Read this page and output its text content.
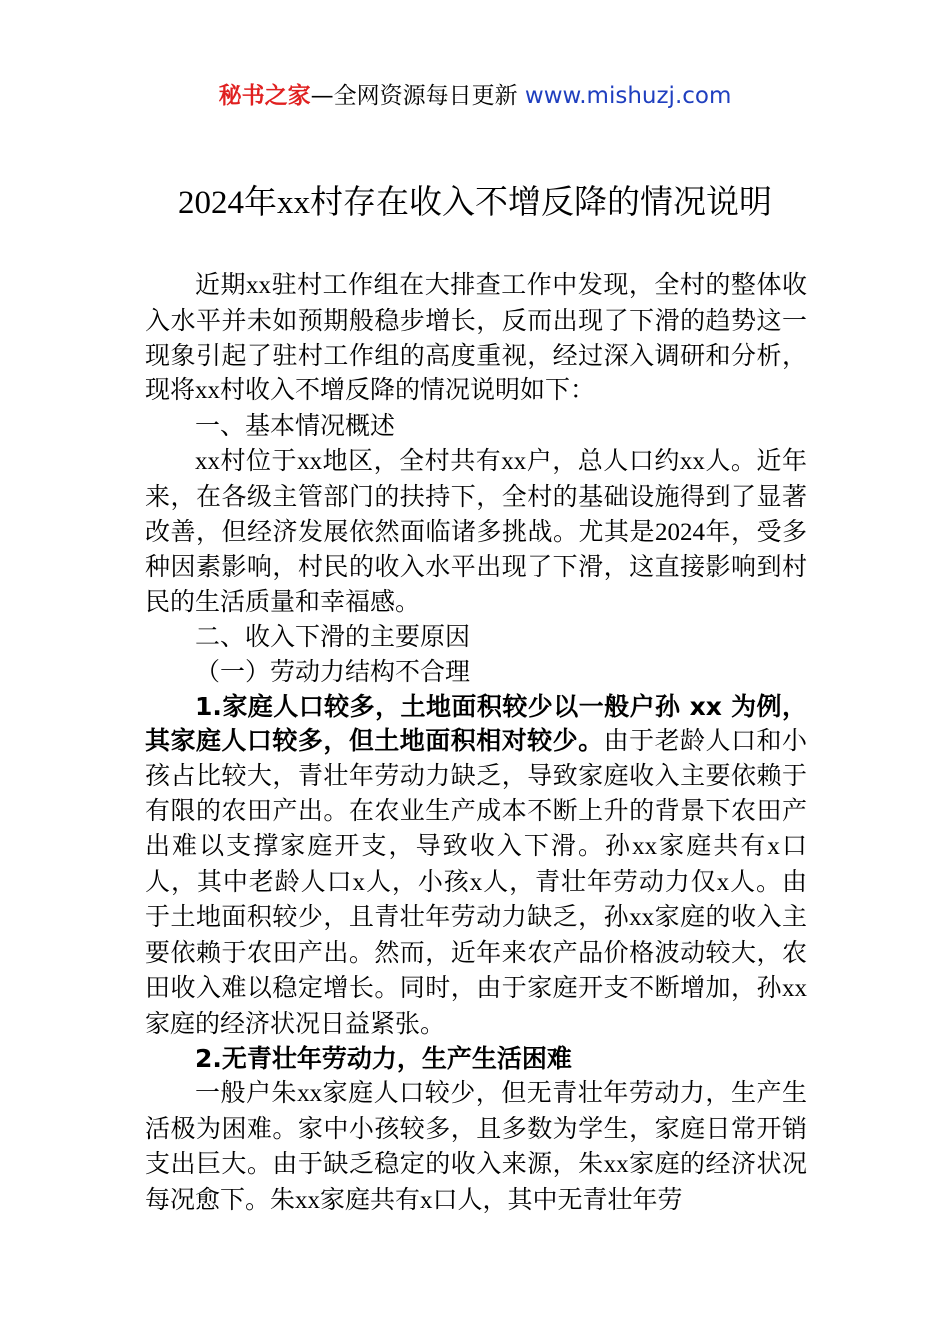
秘书之家—全网资源每日更新 www.mishuzj.com
2024年xx村存在收入不增反降的情况说明

近期xx驻村工作组在大排查工作中发现，全村的整体收入水平并未如预期般稳步增长，反而出现了下滑的趋势这一现象引起了驻村工作组的高度重视，经过深入调研和分析，现将xx村收入不增反降的情况说明如下：

一、基本情况概述

xx村位于xx地区，全村共有xx户，总人口约xx人。近年来，在各级主管部门的扶持下，全村的基础设施得到了显著改善，但经济发展依然面临诸多挑战。尤其是2024年，受多种因素影响，村民的收入水平出现了下滑，这直接影响到村民的生活质量和幸福感。

二、收入下滑的主要原因

（一）劳动力结构不合理

1.家庭人口较多，土地面积较少以一般户孙 xx 为例，其家庭人口较多，但土地面积相对较少。由于老龄人口和小孩占比较大，青壮年劳动力缺乏，导致家庭收入主要依赖于有限的农田产出。在农业生产成本不断上升的背景下农田产出难以支撑家庭开支，导致收入下滑。孙xx家庭共有x口人，其中老龄人口x人，小孩x人，青壮年劳动力仅x人。由于土地面积较少，且青壮年劳动力缺乏，孙xx家庭的收入主要依赖于农田产出。然而，近年来农产品价格波动较大，农田收入难以稳定增长。同时，由于家庭开支不断增加，孙xx家庭的经济状况日益紧张。

2.无青壮年劳动力，生产生活困难

一般户朱xx家庭人口较少，但无青壮年劳动力，生产生活极为困难。家中小孩较多，且多数为学生，家庭日常开销支出巨大。由于缺乏稳定的收入来源，朱xx家庭的经济状况每况愈下。朱xx家庭共有x口人，其中无青壮年劳
